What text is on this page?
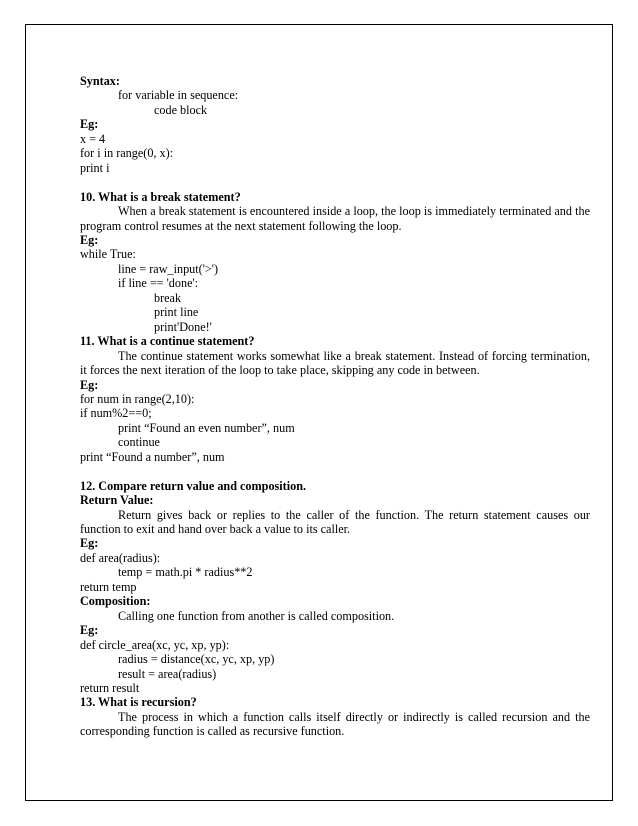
Syntax:

for variable in sequence:

code block

Eg:

x = 4

for i in range(0, x):

print i

10. What is a break statement?

When a break statement is encountered inside a loop, the loop is immediately terminated and the program control resumes at the next statement following the loop.

Eg:

while True:

line = raw_input('>')

if line == 'done':

break

print line

print'Done!'

11. What is a continue statement?

The continue statement works somewhat like a break statement. Instead of forcing termination, it forces the next iteration of the loop to take place, skipping any code in between.

Eg:

for num in range(2,10):

if num%2==0;

print “Found an even number”, num

continue

print “Found a number”, num

12. Compare return value and composition.

Return Value:

Return gives back or replies to the caller of the function. The return statement causes our function to exit and hand over back a value to its caller.

Eg:

def area(radius):

temp = math.pi * radius**2

return temp

Composition:

Calling one function from another is called composition.

Eg:

def circle_area(xc, yc, xp, yp):

radius = distance(xc, yc, xp, yp)

result = area(radius)

return result

13. What is recursion?

The process in which a function calls itself directly or indirectly is called recursion and the corresponding function is called as recursive function.
